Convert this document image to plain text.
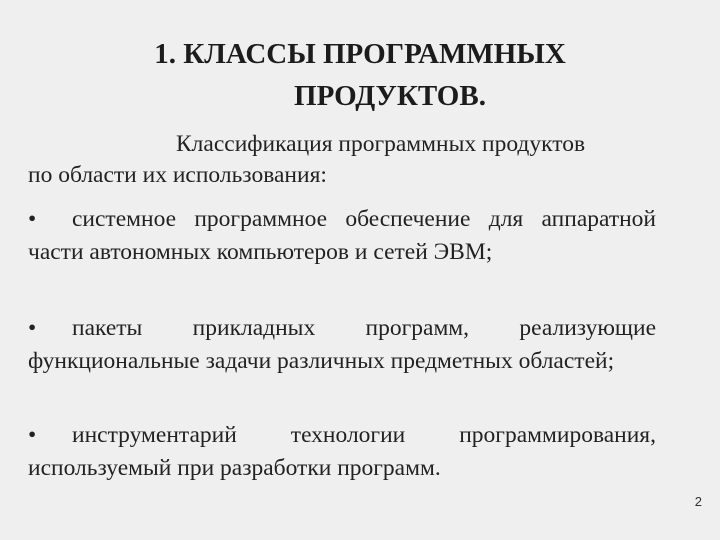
1. КЛАССЫ ПРОГРАММНЫХ
ПРОДУКТОВ.
Классификация программных продуктов
по области их использования:
• системное программное обеспечение для аппаратной части автономных компьютеров и сетей ЭВМ;
• пакеты прикладных программ, реализующие функциональные задачи различных предметных областей;
• инструментарий технологии программирования, используемый при разработки программ.
2
